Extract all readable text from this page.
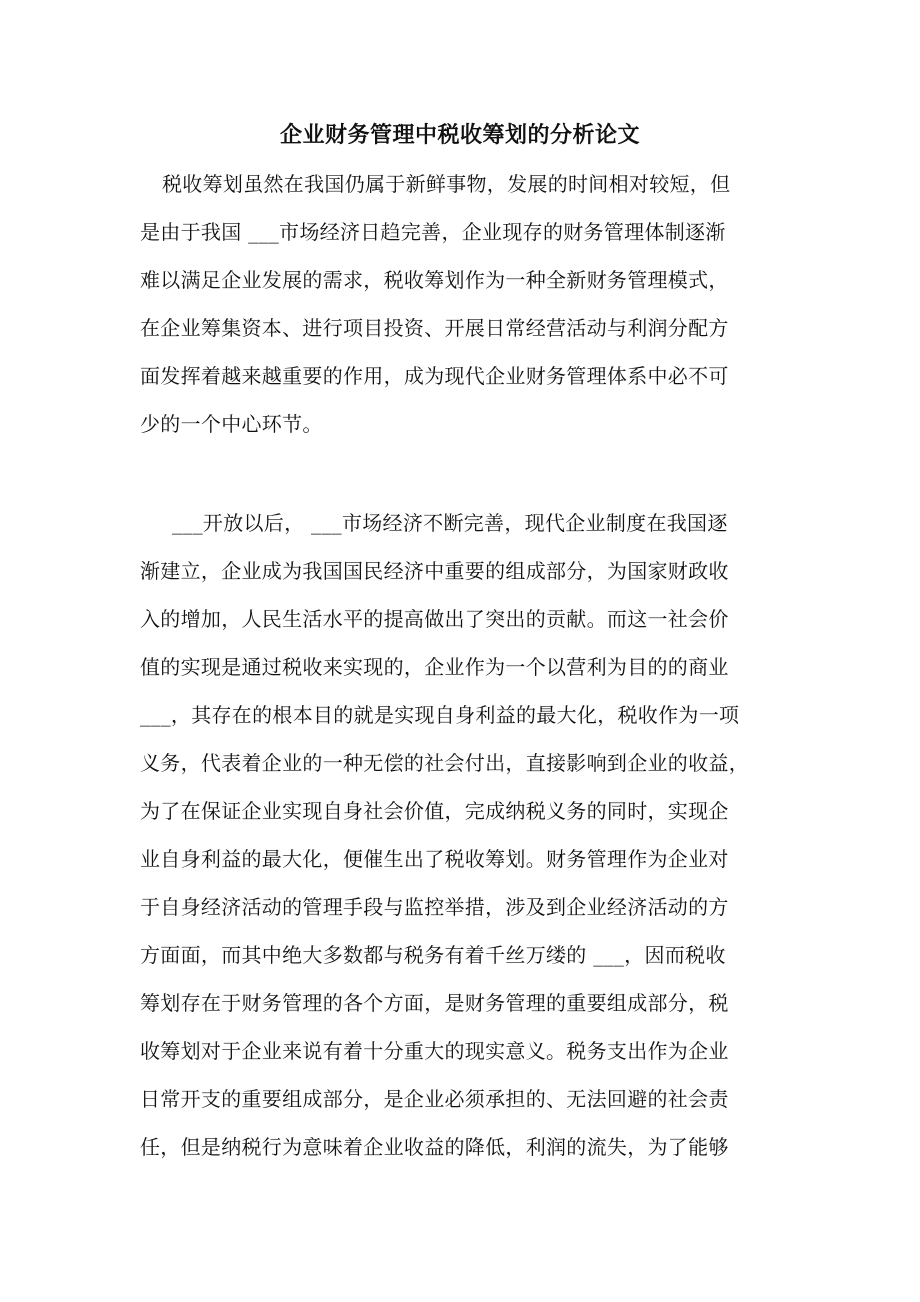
企业财务管理中税收筹划的分析论文
税收筹划虽然在我国仍属于新鲜事物，发展的时间相对较短，但
是由于我国 ___市场经济日趋完善，企业现存的财务管理体制逐渐
难以满足企业发展的需求，税收筹划作为一种全新财务管理模式，
在企业筹集资本、进行项目投资、开展日常经营活动与利润分配方
面发挥着越来越重要的作用，成为现代企业财务管理体系中必不可
少的一个中心环节。
___开放以后， ___市场经济不断完善，现代企业制度在我国逐
渐建立，企业成为我国国民经济中重要的组成部分，为国家财政收
入的增加，人民生活水平的提高做出了突出的贡献。而这一社会价
值的实现是通过税收来实现的，企业作为一个以营利为目的的商业
___，其存在的根本目的就是实现自身利益的最大化，税收作为一项
义务，代表着企业的一种无偿的社会付出，直接影响到企业的收益，
为了在保证企业实现自身社会价值，完成纳税义务的同时，实现企
业自身利益的最大化，便催生出了税收筹划。财务管理作为企业对
于自身经济活动的管理手段与监控举措，涉及到企业经济活动的方
方面面，而其中绝大多数都与税务有着千丝万缕的 ___，因而税收
筹划存在于财务管理的各个方面，是财务管理的重要组成部分，税
收筹划对于企业来说有着十分重大的现实意义。税务支出作为企业
日常开支的重要组成部分，是企业必须承担的、无法回避的社会责
任，但是纳税行为意味着企业收益的降低，利润的流失，为了能够
